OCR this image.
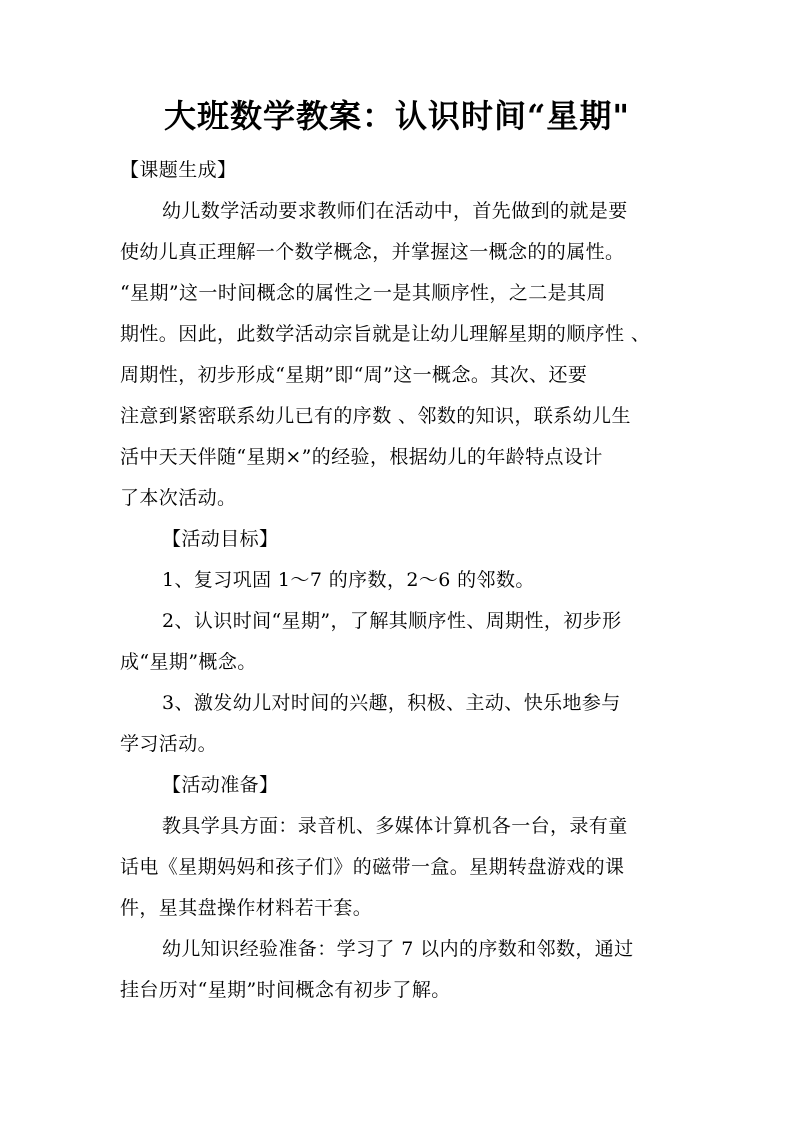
大班数学教案：认识时间“星期"
【课题生成】
幼儿数学活动要求教师们在活动中，首先做到的就是要
使幼儿真正理解一个数学概念，并掌握这一概念的的属性。
“星期”这一时间概念的属性之一是其顺序性，之二是其周
期性。因此，此数学活动宗旨就是让幼儿理解星期的顺序性 、
周期性，初步形成“星期”即“周”这一概念。其次、还要
注意到紧密联系幼儿已有的序数 、邻数的知识，联系幼儿生
活中天天伴随“星期×”的经验，根据幼儿的年龄特点设计
了本次活动。
【活动目标】
1、复习巩固 1～7 的序数，2～6 的邻数。
2、认识时间“星期”，了解其顺序性、周期性，初步形
成“星期”概念。
3、激发幼儿对时间的兴趣，积极、主动、快乐地参与
学习活动。
【活动准备】
教具学具方面：录音机、多媒体计算机各一台，录有童
话电《星期妈妈和孩子们》的磁带一盒。星期转盘游戏的课
件，星其盘操作材料若干套。
幼儿知识经验准备：学习了 7 以内的序数和邻数，通过
挂台历对“星期”时间概念有初步了解。
